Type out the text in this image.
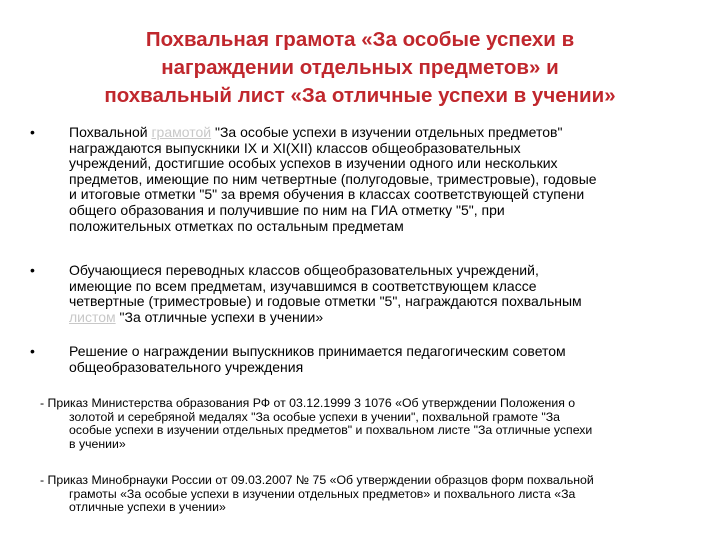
Похвальная грамота «За особые успехи в
награждении отдельных предметов» и
похвальный лист «За отличные успехи в учении»
• Похвальной грамотой "За особые успехи в изучении отдельных предметов"
награждаются выпускники IX и XI(XII) классов общеобразовательных
учреждений, достигшие особых успехов в изучении одного или нескольких
предметов, имеющие по ним четвертные (полугодовые, триместровые), годовые
и итоговые отметки "5" за время обучения в классах соответствующей ступени
общего образования и получившие по ним на ГИА отметку "5", при
положительных отметках по остальным предметам
• Обучающиеся переводных классов общеобразовательных учреждений,
имеющие по всем предметам, изучавшимся в соответствующем классе
четвертные (триместровые) и годовые отметки "5", награждаются похвальным
листом "За отличные успехи в учении»
• Решение о награждении выпускников принимается педагогическим советом
общеобразовательного учреждения
- Приказ Министерства образования РФ от 03.12.1999 3 1076 «Об утверждении Положения о
золотой и серебряной медалях "За особые успехи в учении", похвальной грамоте "За
особые успехи в изучении отдельных предметов" и похвальном листе "За отличные успехи
в учении»
- Приказ Минобрнауки России от 09.03.2007 № 75 «Об утверждении образцов форм похвальной
грамоты «За особые успехи в изучении отдельных предметов» и похвального листа «За
отличные успехи в учении»
